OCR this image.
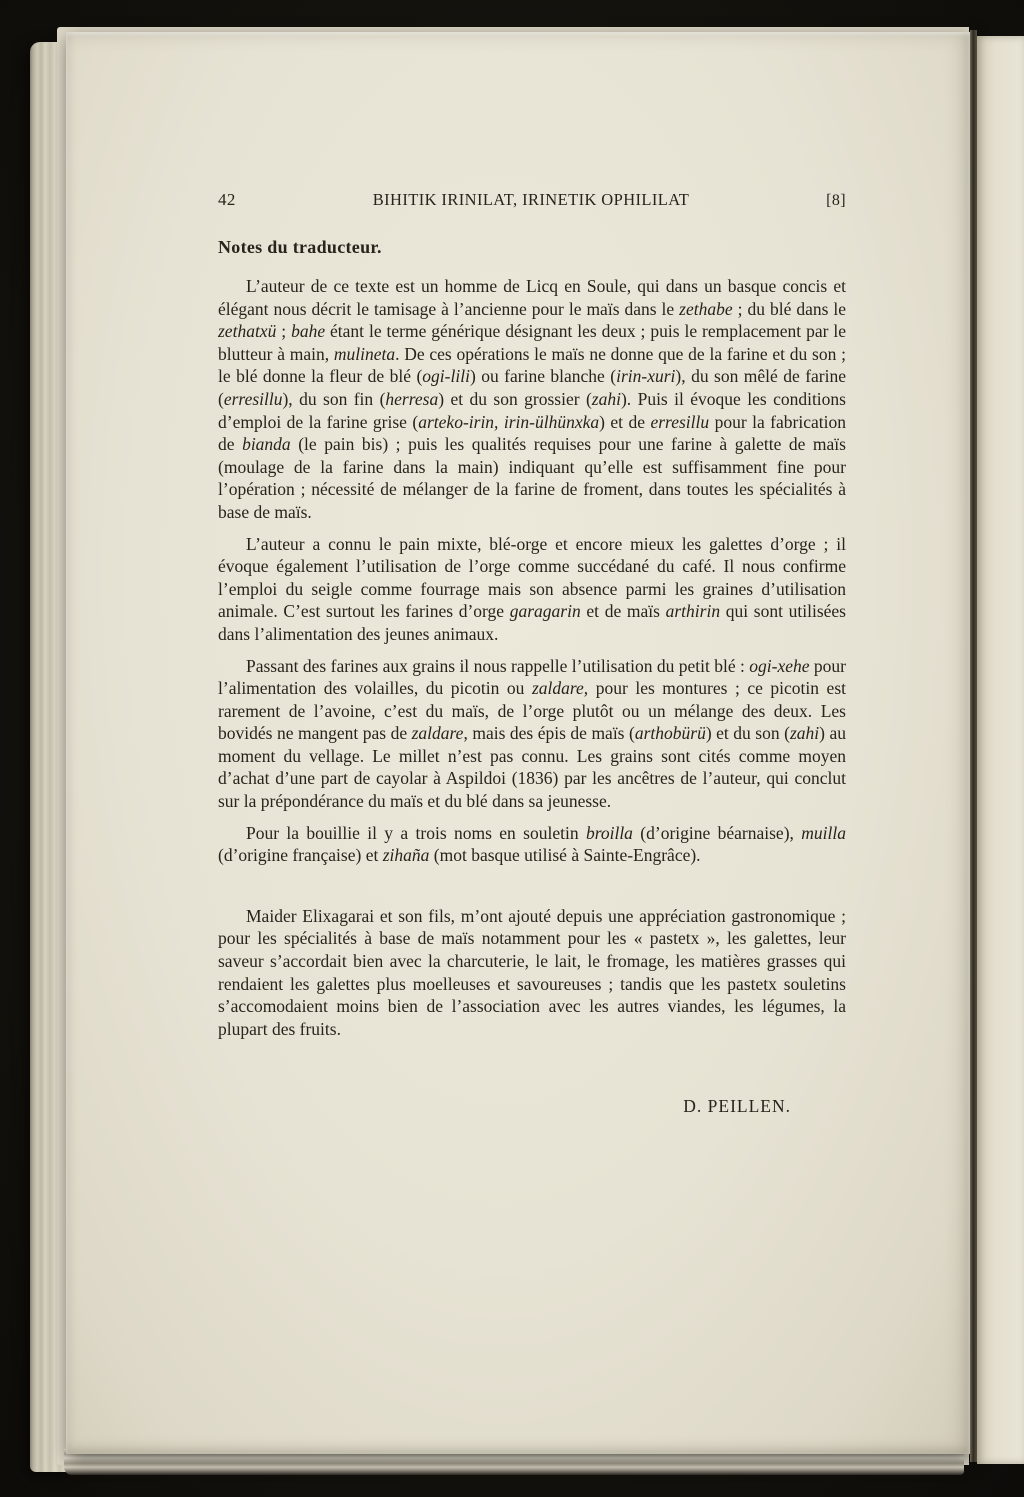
42	BIHITIK IRINILAT, IRINETIK OPHILILAT	[8]
Notes du traducteur.

L’auteur de ce texte est un homme de Licq en Soule, qui dans un basque concis et élégant nous décrit le tamisage à l’ancienne pour le maïs dans le zethabe ; du blé dans le zethatxü ; bahe étant le terme générique désignant les deux ; puis le remplacement par le blutteur à main, mulineta. De ces opérations le maïs ne donne que de la farine et du son ; le blé donne la fleur de blé (ogi-lili) ou farine blanche (irin-xuri), du son mêlé de farine (erresillu), du son fin (herresa) et du son grossier (zahi). Puis il évoque les conditions d’emploi de la farine grise (arteko-irin, irin-ülhünxka) et de erresillu pour la fabrication de bianda (le pain bis) ; puis les qualités requises pour une farine à galette de maïs (moulage de la farine dans la main) indiquant qu’elle est suffisamment fine pour l’opération ; nécessité de mélanger de la farine de froment, dans toutes les spécialités à base de maïs.

L’auteur a connu le pain mixte, blé-orge et encore mieux les galettes d’orge ; il évoque également l’utilisation de l’orge comme succédané du café. Il nous confirme l’emploi du seigle comme fourrage mais son absence parmi les graines d’utilisation animale. C’est surtout les farines d’orge garagarin et de maïs arthirin qui sont utilisées dans l’alimentation des jeunes animaux.

Passant des farines aux grains il nous rappelle l’utilisation du petit blé : ogi-xehe pour l’alimentation des volailles, du picotin ou zaldare, pour les montures ; ce picotin est rarement de l’avoine, c’est du maïs, de l’orge plutôt ou un mélange des deux. Les bovidés ne mangent pas de zaldare, mais des épis de maïs (arthobürü) et du son (zahi) au moment du vellage. Le millet n’est pas connu. Les grains sont cités comme moyen d’achat d’une part de cayolar à Aspildoi (1836) par les ancêtres de l’auteur, qui conclut sur la prépondérance du maïs et du blé dans sa jeunesse.

Pour la bouillie il y a trois noms en souletin broilla (d’origine béarnaise), muilla (d’origine française) et zihaña (mot basque utilisé à Sainte-Engrâce).

Maider Elixagarai et son fils, m’ont ajouté depuis une appréciation gastronomique ; pour les spécialités à base de maïs notamment pour les « pastetx », les galettes, leur saveur s’accordait bien avec la charcuterie, le lait, le fromage, les matières grasses qui rendaient les galettes plus moelleuses et savoureuses ; tandis que les pastetx souletins s’accomodaient moins bien de l’association avec les autres viandes, les légumes, la plupart des fruits.

D. PEILLEN.
